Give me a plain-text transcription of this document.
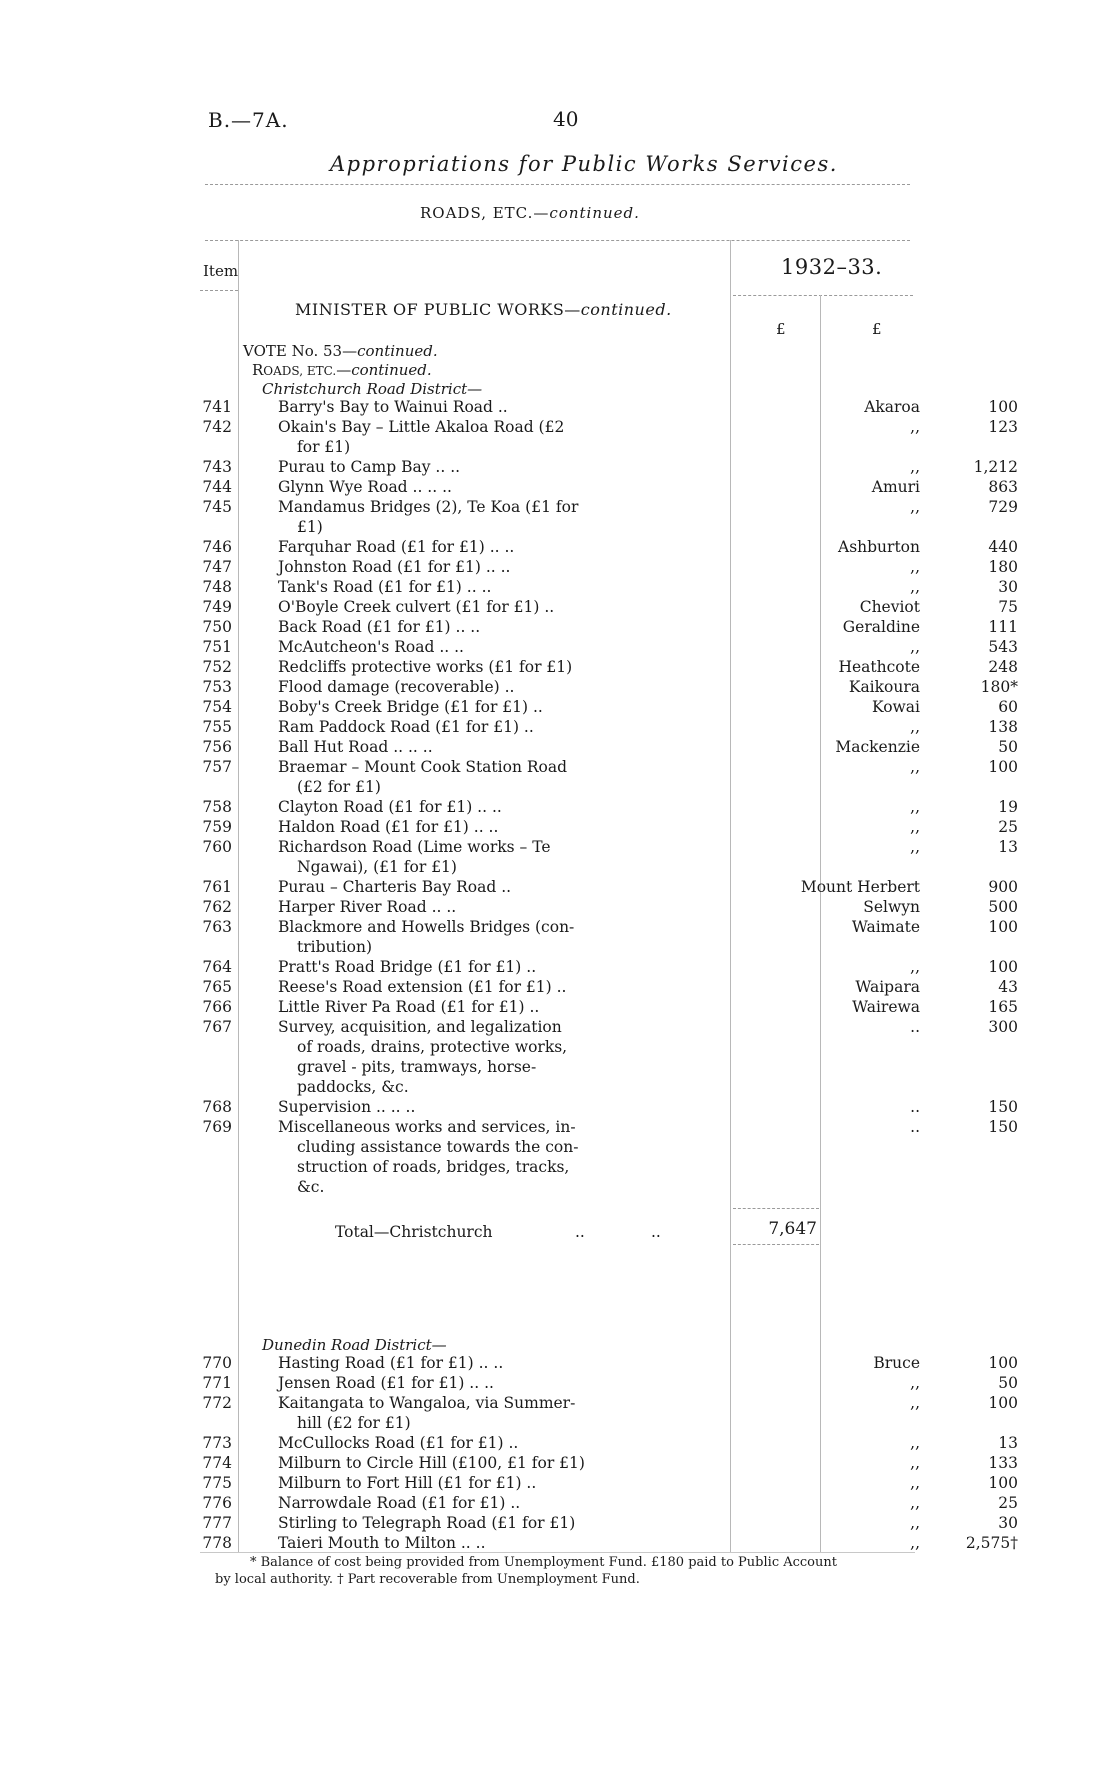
B.—7A.	40
Appropriations for Public Works Services.
ROADS, ETC.—continued.
Item	1932–33.
£	£
MINISTER OF PUBLIC WORKS—continued.
VOTE No. 53—continued.
ROADS, ETC.—continued.
Christchurch Road District—
741	Barry's Bay to Wainui Road ..	Akaroa	100
742	Okain's Bay – Little Akaloa Road (£2	,,	123
for £1)
743	Purau to Camp Bay .. ..	,,	1,212
744	Glynn Wye Road .. .. ..	Amuri	863
745	Mandamus Bridges (2), Te Koa (£1 for	,,	729
£1)
746	Farquhar Road (£1 for £1) .. ..	Ashburton	440
747	Johnston Road (£1 for £1) .. ..	,,	180
748	Tank's Road (£1 for £1) .. ..	,,	30
749	O'Boyle Creek culvert (£1 for £1) ..	Cheviot	75
750	Back Road (£1 for £1) .. ..	Geraldine	111
751	McAutcheon's Road .. ..	,,	543
752	Redcliffs protective works (£1 for £1)	Heathcote	248
753	Flood damage (recoverable) ..	Kaikoura	180*
754	Boby's Creek Bridge (£1 for £1) ..	Kowai	60
755	Ram Paddock Road (£1 for £1) ..	,,	138
756	Ball Hut Road .. .. ..	Mackenzie	50
757	Braemar – Mount Cook Station Road	,,	100
(£2 for £1)
758	Clayton Road (£1 for £1) .. ..	,,	19
759	Haldon Road (£1 for £1) .. ..	,,	25
760	Richardson Road (Lime works – Te	,,	13
Ngawai), (£1 for £1)
761	Purau – Charteris Bay Road ..	Mount Herbert	900
762	Harper River Road .. ..	Selwyn	500
763	Blackmore and Howells Bridges (con-	Waimate	100
tribution)
764	Pratt's Road Bridge (£1 for £1) ..	,,	100
765	Reese's Road extension (£1 for £1) ..	Waipara	43
766	Little River Pa Road (£1 for £1) ..	Wairewa	165
767	Survey, acquisition, and legalization	..	300
of roads, drains, protective works,
gravel - pits, tramways, horse-
paddocks, &c.
768	Supervision .. .. ..	..	150
769	Miscellaneous works and services, in-	..	150
cluding assistance towards the con-
struction of roads, bridges, tracks,
&c.
Total—Christchurch	..	..	7,647
Dunedin Road District—
770	Hasting Road (£1 for £1) .. ..	Bruce	100
771	Jensen Road (£1 for £1) .. ..	,,	50
772	Kaitangata to Wangaloa, via Summer-	,,	100
hill (£2 for £1)
773	McCullocks Road (£1 for £1) ..	,,	13
774	Milburn to Circle Hill (£100, £1 for £1)	,,	133
775	Milburn to Fort Hill (£1 for £1) ..	,,	100
776	Narrowdale Road (£1 for £1) ..	,,	25
777	Stirling to Telegraph Road (£1 for £1)	,,	30
778	Taieri Mouth to Milton .. ..	,,	2,575†
* Balance of cost being provided from Unemployment Fund. £180 paid to Public Account
by local authority. † Part recoverable from Unemployment Fund.
